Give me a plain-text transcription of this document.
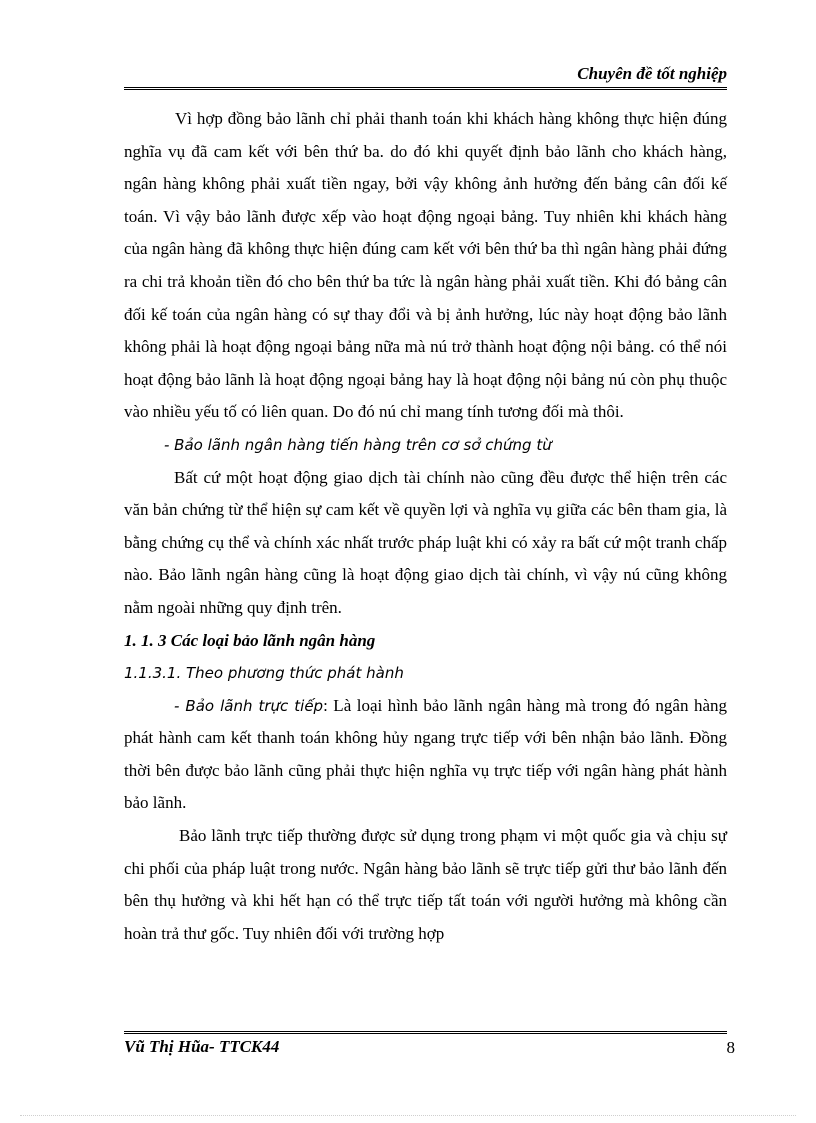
Chuyên đề tốt nghiệp

Vì hợp đồng bảo lãnh chỉ phải thanh toán khi khách hàng không thực hiện đúng nghĩa vụ đã cam kết với bên thứ ba. do đó khi quyết định bảo lãnh cho khách hàng, ngân hàng không phải xuất tiền ngay, bởi vậy không ảnh hưởng đến bảng cân đối kế toán. Vì vậy bảo lãnh được xếp vào hoạt động ngoại bảng. Tuy nhiên khi khách hàng của ngân hàng đã không thực hiện đúng cam kết với bên thứ ba thì ngân hàng phải đứng ra chi trả khoản tiền đó cho bên thứ ba tức là ngân hàng phải xuất tiền. Khi đó bảng cân đối kế toán của ngân hàng có sự thay đổi và bị ảnh hưởng, lúc này hoạt động bảo lãnh không phải là hoạt động ngoại bảng nữa mà nú trở thành hoạt động nội bảng. có thể nói hoạt động bảo lãnh là hoạt động ngoại bảng hay là hoạt động nội bảng nú còn phụ thuộc vào nhiều yếu tố có liên quan. Do đó nú chỉ mang tính tương đối mà thôi.

- Bảo lãnh ngân hàng tiến hàng trên cơ sở chứng từ

Bất cứ một hoạt động giao dịch tài chính nào cũng đều được thể hiện trên các văn bản chứng từ thể hiện sự cam kết về quyền lợi và nghĩa vụ giữa các bên tham gia, là bằng chứng cụ thể và chính xác nhất trước pháp luật khi có xảy ra bất cứ một tranh chấp nào. Bảo lãnh ngân hàng cũng là hoạt động giao dịch tài chính, vì vậy nú cũng không nằm ngoài những quy định trên.

1. 1. 3 Các loại bảo lãnh ngân hàng

1.1.3.1. Theo phương thức phát hành

- Bảo lãnh trực tiếp: Là loại hình bảo lãnh ngân hàng mà trong đó ngân hàng phát hành cam kết thanh toán không hủy ngang trực tiếp với bên nhận bảo lãnh. Đồng thời bên được bảo lãnh cũng phải thực hiện nghĩa vụ trực tiếp với ngân hàng phát hành bảo lãnh.

Bảo lãnh trực tiếp thường được sử dụng trong phạm vi một quốc gia và chịu sự chi phối của pháp luật trong nước. Ngân hàng bảo lãnh sẽ trực tiếp gửi thư bảo lãnh đến bên thụ hưởng và khi hết hạn có thể trực tiếp tất toán với người hưởng mà không cần hoàn trả thư gốc. Tuy nhiên đối với trường hợp

Vũ Thị Hũa- TTCK44	8
